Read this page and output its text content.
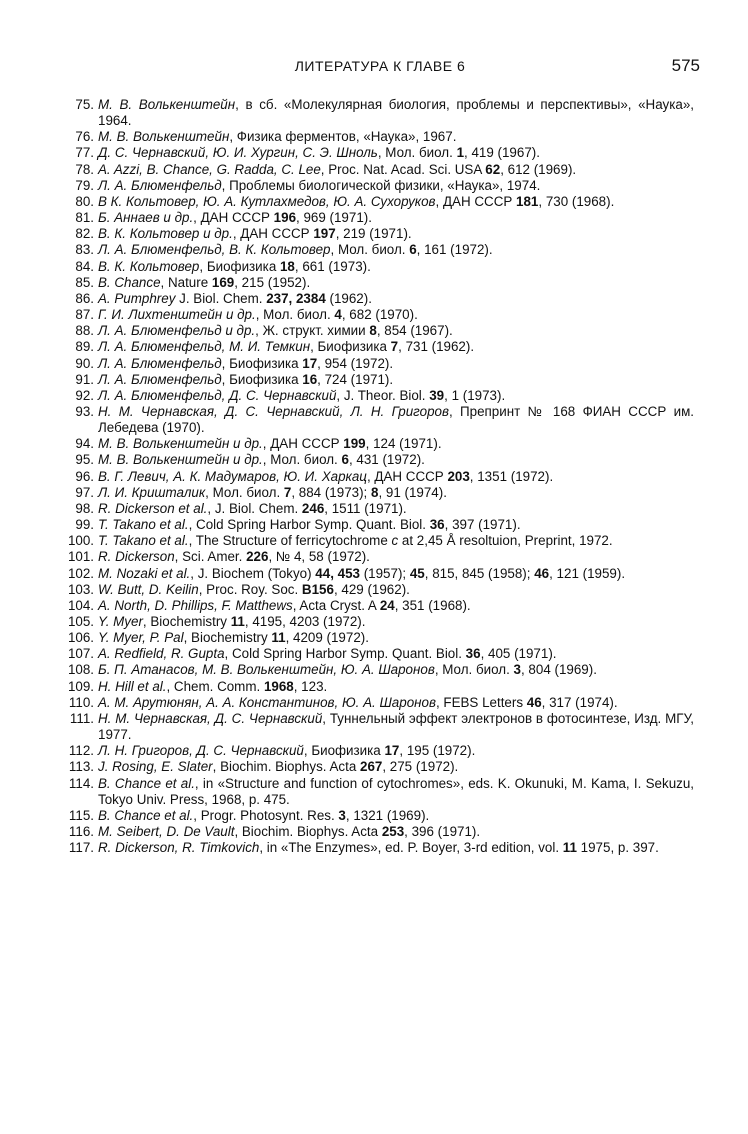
ЛИТЕРАТУРА К ГЛАВЕ 6	575
75. М. В. Волькенштейн, в сб. «Молекулярная биология, проблемы и перспективы», «Наука», 1964.
76. М. В. Волькенштейн, Физика ферментов, «Наука», 1967.
77. Д. С. Чернавский, Ю. И. Хургин, С. Э. Шноль, Мол. биол. 1, 419 (1967).
78. A. Azzi, B. Chance, G. Radda, C. Lee, Proc. Nat. Acad. Sci. USA 62, 612 (1969).
79. Л. А. Блюменфельд, Проблемы биологической физики, «Наука», 1974.
80. В К. Кольтовер, Ю. А. Кутлахмедов, Ю. А. Сухоруков, ДАН СССР 181, 730 (1968).
81. Б. Аннаев и др., ДАН СССР 196, 969 (1971).
82. В. К. Кольтовер и др., ДАН СССР 197, 219 (1971).
83. Л. А. Блюменфельд, В. К. Кольтовер, Мол. биол. 6, 161 (1972).
84. В. К. Кольтовер, Биофизика 18, 661 (1973).
85. B. Chance, Nature 169, 215 (1952).
86. A. Pumphrey J. Biol. Chem. 237, 2384 (1962).
87. Г. И. Лихтенштейн и др., Мол. биол. 4, 682 (1970).
88. Л. А. Блюменфельд и др., Ж. структ. химии 8, 854 (1967).
89. Л. А. Блюменфельд, М. И. Темкин, Биофизика 7, 731 (1962).
90. Л. А. Блюменфельд, Биофизика 17, 954 (1972).
91. Л. А. Блюменфельд, Биофизика 16, 724 (1971).
92. Л. А. Блюменфельд, Д. С. Чернавский, J. Theor. Biol. 39, 1 (1973).
93. Н. М. Чернавская, Д. С. Чернавский, Л. Н. Григоров, Препринт № 168 ФИАН СССР им. Лебедева (1970).
94. М. В. Волькенштейн и др., ДАН СССР 199, 124 (1971).
95. М. В. Волькенштейн и др., Мол. биол. 6, 431 (1972).
96. В. Г. Левич, А. К. Мадумаров, Ю. И. Харкац, ДАН СССР 203, 1351 (1972).
97. Л. И. Кришталик, Мол. биол. 7, 884 (1973); 8, 91 (1974).
98. R. Dickerson et al., J. Biol. Chem. 246, 1511 (1971).
99. T. Takano et al., Cold Spring Harbor Symp. Quant. Biol. 36, 397 (1971).
100. T. Takano et al., The Structure of ferricytochrome c at 2,45 Å resoltuion, Preprint, 1972.
101. R. Dickerson, Sci. Amer. 226, № 4, 58 (1972).
102. M. Nozaki et al., J. Biochem (Tokyo) 44, 453 (1957); 45, 815, 845 (1958); 46, 121 (1959).
103. W. Butt, D. Keilin, Proc. Roy. Soc. B156, 429 (1962).
104. A. North, D. Phillips, F. Matthews, Acta Cryst. A 24, 351 (1968).
105. Y. Myer, Biochemistry 11, 4195, 4203 (1972).
106. Y. Myer, P. Pal, Biochemistry 11, 4209 (1972).
107. A. Redfield, R. Gupta, Cold Spring Harbor Symp. Quant. Biol. 36, 405 (1971).
108. Б. П. Атанасов, М. В. Волькенштейн, Ю. А. Шаронов, Мол. биол. 3, 804 (1969).
109. H. Hill et al., Chem. Comm. 1968, 123.
110. А. М. Арутюнян, А. А. Константинов, Ю. А. Шаронов, FEBS Letters 46, 317 (1974).
111. Н. М. Чернавская, Д. С. Чернавский, Туннельный эффект электронов в фотосинтезе, Изд. МГУ, 1977.
112. Л. Н. Григоров, Д. С. Чернавский, Биофизика 17, 195 (1972).
113. J. Rosing, E. Slater, Biochim. Biophys. Acta 267, 275 (1972).
114. B. Chance et al., in «Structure and function of cytochromes», eds. K. Okunuki, M. Kama, I. Sekuzu, Tokyo Univ. Press, 1968, p. 475.
115. B. Chance et al., Progr. Photosynt. Res. 3, 1321 (1969).
116. M. Seibert, D. De Vault, Biochim. Biophys. Acta 253, 396 (1971).
117. R. Dickerson, R. Timkovich, in «The Enzymes», ed. P. Boyer, 3-rd edition, vol. 11 1975, p. 397.
